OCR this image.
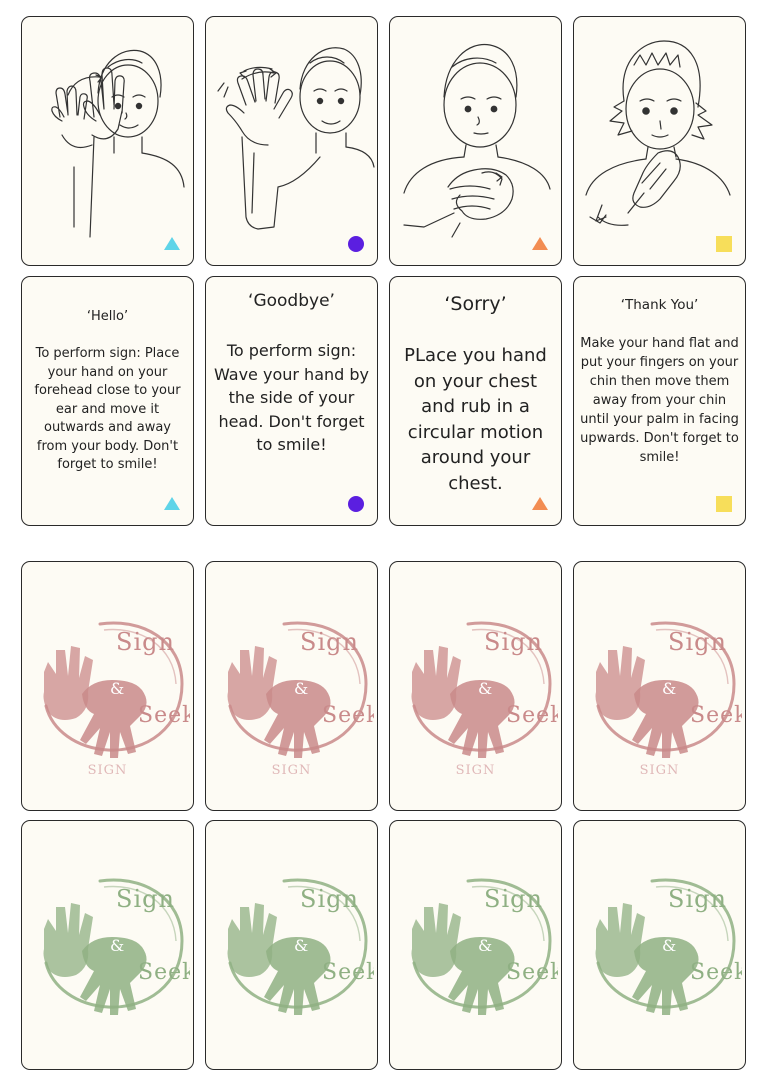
‘Hello’
To perform sign: Place your hand on your forehead close to your ear and move it outwards and away from your body. Don't forget to smile!
‘Goodbye’
To perform sign: Wave your hand by the side of your head. Don't forget to smile!
‘Sorry’
PLace you hand on your chest and rub in a circular motion around your chest.
‘Thank You’
Make your hand flat and put your fingers on your chin then move them away from your chin until your palm in facing upwards. Don't forget to smile!
SIGN	SIGN	SIGN	SIGN
